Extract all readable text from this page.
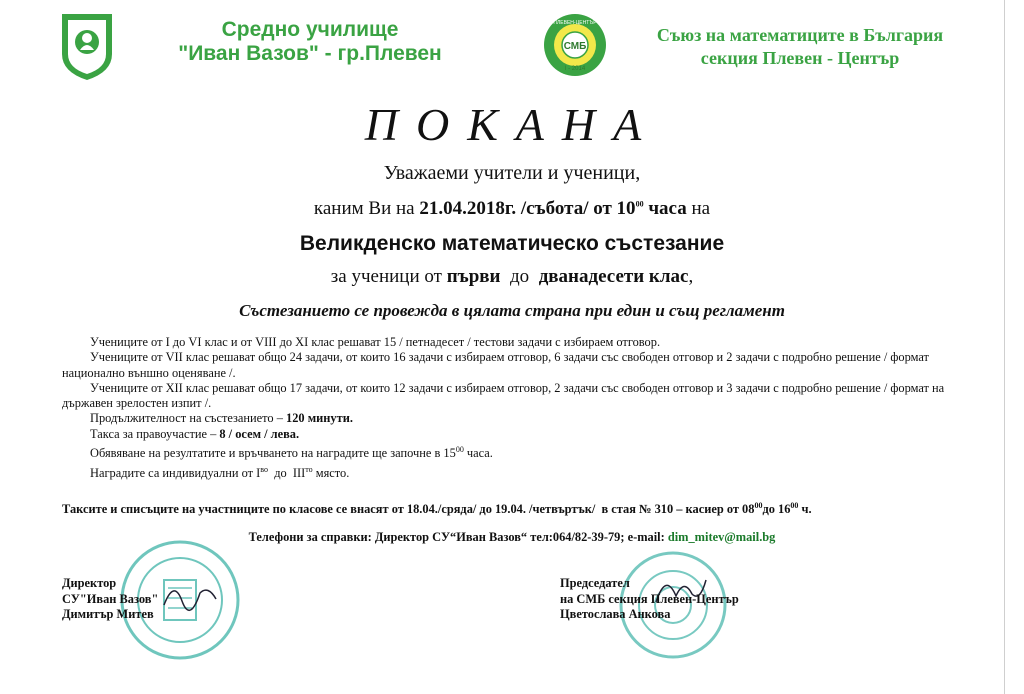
Средно училище
"Иван Вазов" - гр.Плевен	СМБ
I - 2014
ПЛЕВЕН-ЦЕНТЪР
Съюз на математиците в България
секция Плевен - Център
ПОКАНА
Уважаеми учители и ученици,
каним Ви на 21.04.2018г. /събота/ от $10^{00}$ часа на
Великденско математическо състезание
за ученици от първи  до  дванадесети клас,
Състезанието се провежда в цялата страна при един и същ регламент

Учениците от I до VI клас и от VIII до XI клас решават 15 / петнадесет / тестови задачи с избираем отговор.

Учениците от VII клас решават общо 24 задачи, от които 16 задачи с избираем отговор, 6 задачи със свободен отговор и 2 задачи с подробно решение / формат национално външно оценяване /.

Учениците от XII клас решават общо 17 задачи, от които 12 задачи с избираем отговор, 2 задачи със свободен отговор и 3 задачи с подробно решение / формат на държавен зрелостен изпит /.

Продължителност на състезанието – 120 минути.

Такса за правоучастие – 8 / осем / лева.

Обявяване на резултатите и връчването на наградите ще започне в $15^{00}$ часа.

Наградите са индивидуални от $I^{во}$  до  $III^{то}$ място.

Таксите и списъците на участниците по класове се внасят от 18.04./сряда/ до 19.04. /четвъртък/  в стая № 310 – касиер от $08^{00}до$ $16^{00}$ ч.
Телефони за справки: Директор СУ“Иван Вазов“ тел:064/82-39-79; e-mail: dim_mitev@mail.bg
Директор
СУ"Иван Вазов"
Димитър Митев
Председател
на СМБ секция Плевен-Център
Цветослава Анкова
